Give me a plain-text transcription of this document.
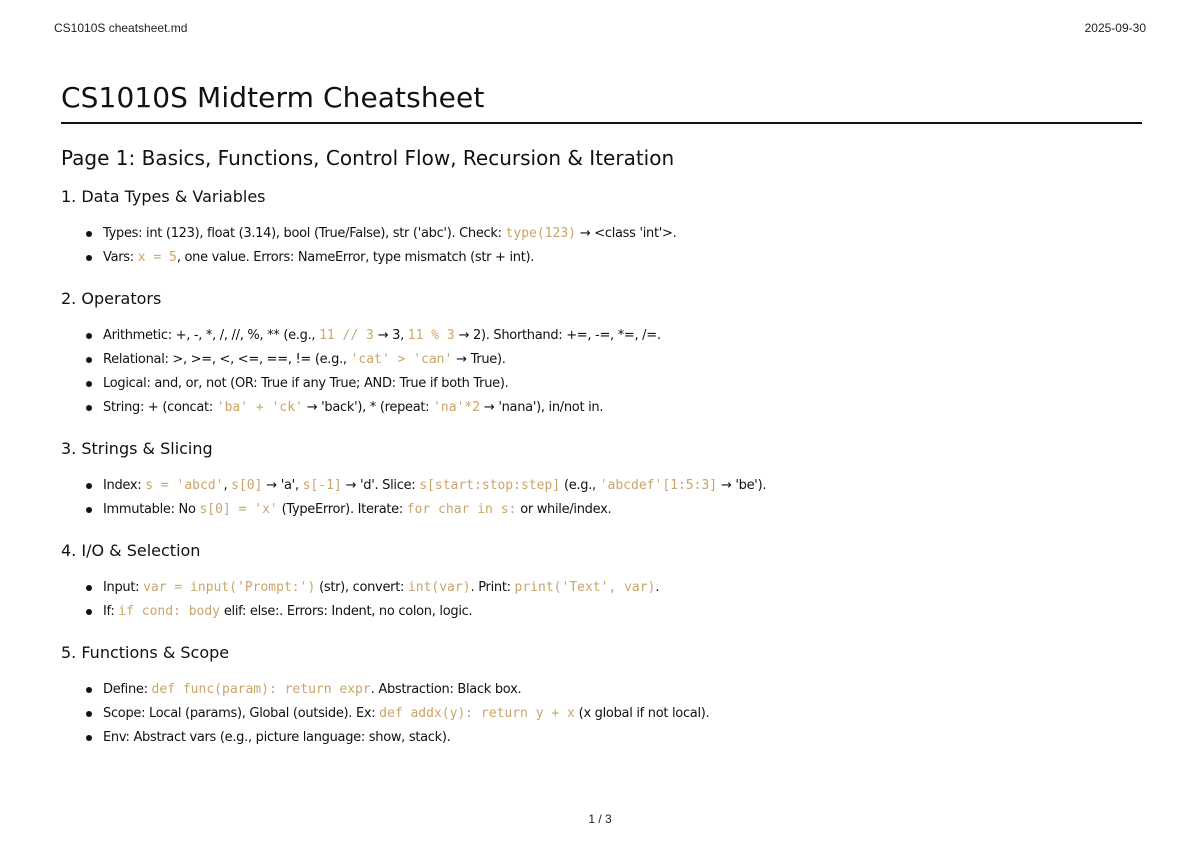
CS1010S cheatsheet.md	2025-09-30
CS1010S Midterm Cheatsheet
Page 1: Basics, Functions, Control Flow, Recursion & Iteration
1. Data Types & Variables
Types: int (123), float (3.14), bool (True/False), str ('abc'). Check: type(123) → <class 'int'>.
Vars: x = 5, one value. Errors: NameError, type mismatch (str + int).
2. Operators
Arithmetic: +, -, *, /, //, %, ** (e.g., 11 // 3 → 3, 11 % 3 → 2). Shorthand: +=, -=, *=, /=.
Relational: >, >=, <, <=, ==, != (e.g., 'cat' > 'can' → True).
Logical: and, or, not (OR: True if any True; AND: True if both True).
String: + (concat: 'ba' + 'ck' → 'back'), * (repeat: 'na'*2 → 'nana'), in/not in.
3. Strings & Slicing
Index: s = 'abcd', s[0] → 'a', s[-1] → 'd'. Slice: s[start:stop:step] (e.g., 'abcdef'[1:5:3] → 'be').
Immutable: No s[0] = 'x' (TypeError). Iterate: for char in s: or while/index.
4. I/O & Selection
Input: var = input('Prompt:') (str), convert: int(var). Print: print('Text', var).
If: if cond: body elif: else:. Errors: Indent, no colon, logic.
5. Functions & Scope
Define: def func(param): return expr. Abstraction: Black box.
Scope: Local (params), Global (outside). Ex: def addx(y): return y + x (x global if not local).
Env: Abstract vars (e.g., picture language: show, stack).
1 / 3
